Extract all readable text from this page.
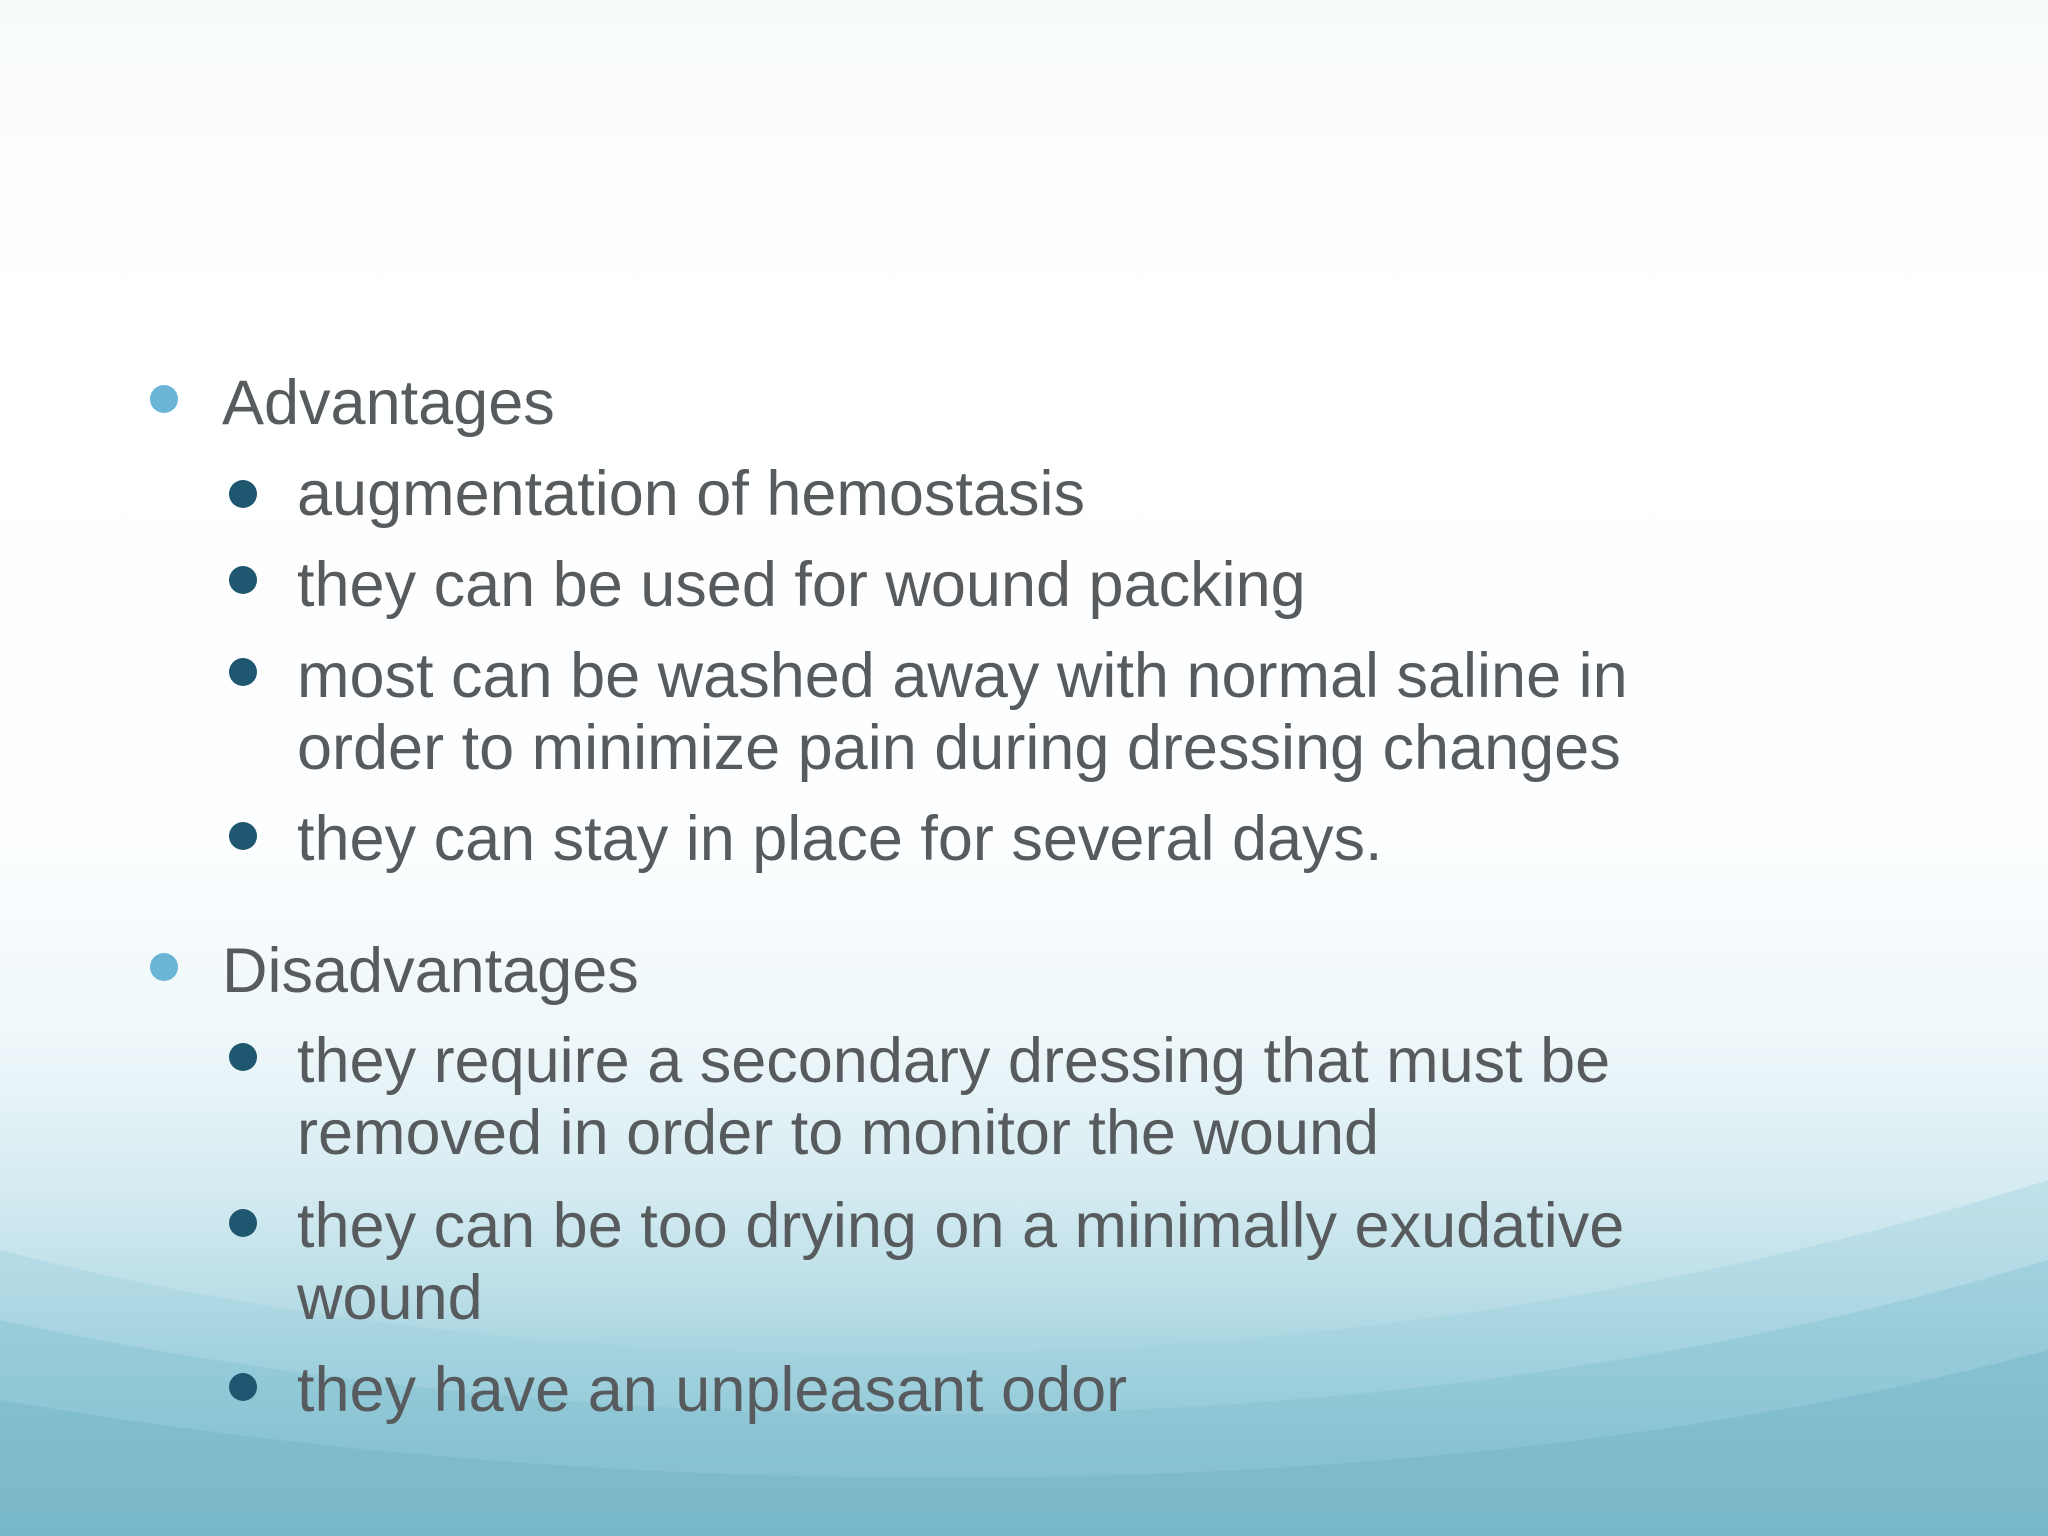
Advantages
augmentation of hemostasis
they can be used for wound packing
most can be washed away with normal saline in
order to minimize pain during dressing changes
they can stay in place for several days.
Disadvantages
they require a secondary dressing that must be
removed in order to monitor the wound
they can be too drying on a minimally exudative
wound
they have an unpleasant odor
